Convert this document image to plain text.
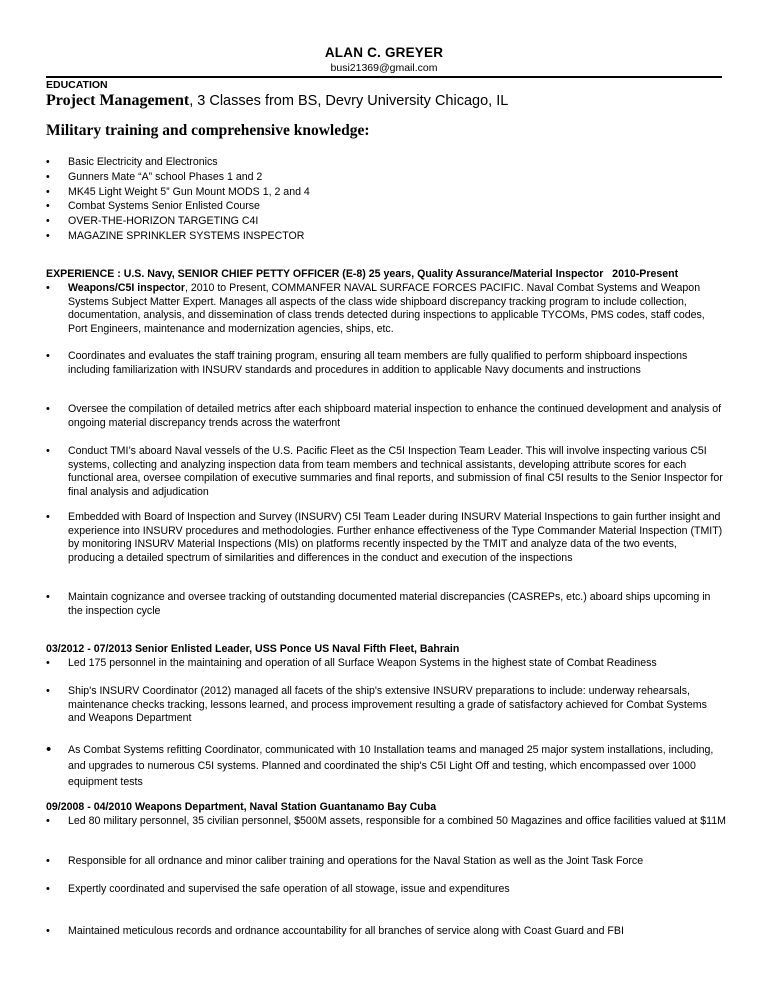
ALAN C. GREYER
busi21369@gmail.com
EDUCATION
Project Management, 3 Classes from BS, Devry University Chicago, IL
Military training and comprehensive knowledge:
• Basic Electricity and Electronics
• Gunners Mate “A” school Phases 1 and 2
• MK45 Light Weight 5” Gun Mount MODS 1, 2 and 4
• Combat Systems Senior Enlisted Course
• OVER-THE-HORIZON TARGETING C4I
• MAGAZINE SPRINKLER SYSTEMS INSPECTOR
EXPERIENCE : U.S. Navy, SENIOR CHIEF PETTY OFFICER (E-8) 25 years, Quality Assurance/Material Inspector 2010-Present
• Weapons/C5I inspector, 2010 to Present, COMMANFER NAVAL SURFACE FORCES PACIFIC. Naval Combat Systems and Weapon Systems Subject Matter Expert. Manages all aspects of the class wide shipboard discrepancy tracking program to include collection, documentation, analysis, and dissemination of class trends detected during inspections to applicable TYCOMs, PMS codes, staff codes, Port Engineers, maintenance and modernization agencies, ships, etc.
• Coordinates and evaluates the staff training program, ensuring all team members are fully qualified to perform shipboard inspections including familiarization with INSURV standards and procedures in addition to applicable Navy documents and instructions
• Oversee the compilation of detailed metrics after each shipboard material inspection to enhance the continued development and analysis of ongoing material discrepancy trends across the waterfront
• Conduct TMI’s aboard Naval vessels of the U.S. Pacific Fleet as the C5I Inspection Team Leader. This will involve inspecting various C5I systems, collecting and analyzing inspection data from team members and technical assistants, developing attribute scores for each functional area, oversee compilation of executive summaries and final reports, and submission of final C5I results to the Senior Inspector for final analysis and adjudication
• Embedded with Board of Inspection and Survey (INSURV) C5I Team Leader during INSURV Material Inspections to gain further insight and experience into INSURV procedures and methodologies. Further enhance effectiveness of the Type Commander Material Inspection (TMIT) by monitoring INSURV Material Inspections (MIs) on platforms recently inspected by the TMIT and analyze data of the two events, producing a detailed spectrum of similarities and differences in the conduct and execution of the inspections
• Maintain cognizance and oversee tracking of outstanding documented material discrepancies (CASREPs, etc.) aboard ships upcoming in the inspection cycle
03/2012 - 07/2013 Senior Enlisted Leader, USS Ponce US Naval Fifth Fleet, Bahrain
• Led 175 personnel in the maintaining and operation of all Surface Weapon Systems in the highest state of Combat Readiness
• Ship's INSURV Coordinator (2012) managed all facets of the ship's extensive INSURV preparations to include: underway rehearsals, maintenance checks tracking, lessons learned, and process improvement resulting a grade of satisfactory achieved for Combat Systems and Weapons Department
• As Combat Systems refitting Coordinator, communicated with 10 Installation teams and managed 25 major system installations, including, and upgrades to numerous C5I systems. Planned and coordinated the ship's C5I Light Off and testing, which encompassed over 1000 equipment tests
09/2008 - 04/2010 Weapons Department, Naval Station Guantanamo Bay Cuba
• Led 80 military personnel, 35 civilian personnel, $500M assets, responsible for a combined 50 Magazines and office facilities valued at $11M
• Responsible for all ordnance and minor caliber training and operations for the Naval Station as well as the Joint Task Force
• Expertly coordinated and supervised the safe operation of all stowage, issue and expenditures
• Maintained meticulous records and ordnance accountability for all branches of service along with Coast Guard and FBI
